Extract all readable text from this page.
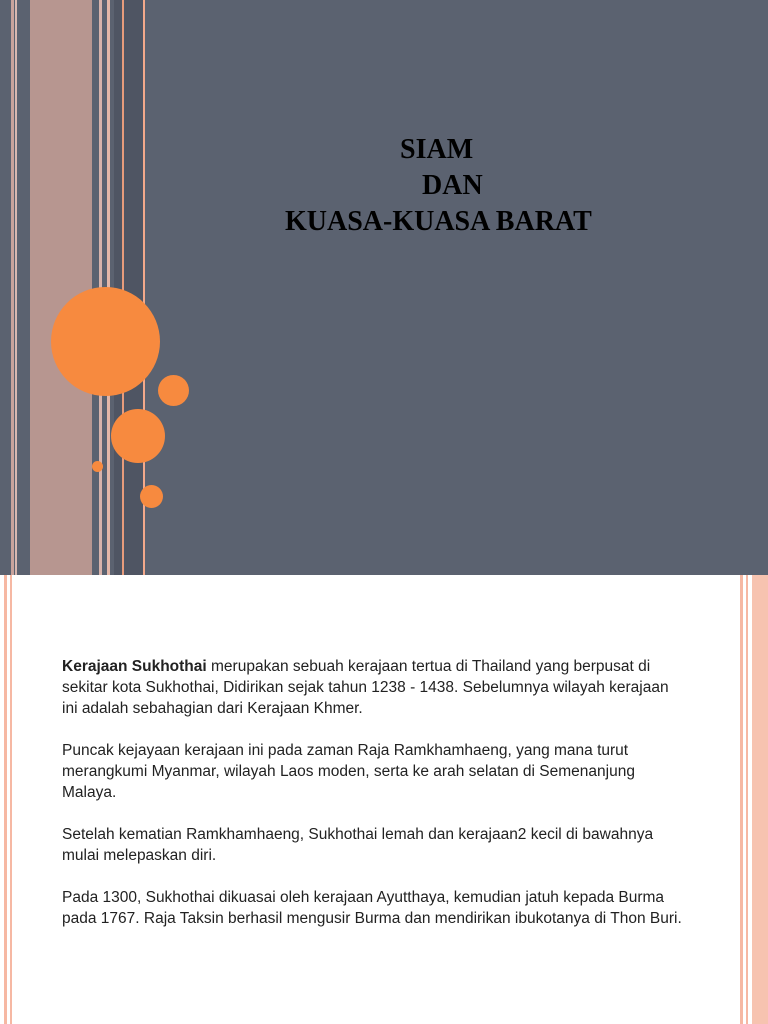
SIAM
DAN
KUASA-KUASA BARAT

Kerajaan Sukhothai merupakan sebuah kerajaan tertua di Thailand yang berpusat di sekitar kota Sukhothai, Didirikan sejak tahun 1238 - 1438. Sebelumnya wilayah kerajaan ini adalah sebahagian dari Kerajaan Khmer.

Puncak kejayaan kerajaan ini pada zaman Raja Ramkhamhaeng, yang mana turut merangkumi Myanmar, wilayah Laos moden, serta ke arah selatan di Semenanjung Malaya.

Setelah kematian Ramkhamhaeng, Sukhothai lemah dan kerajaan2 kecil di bawahnya mulai melepaskan diri.

Pada 1300, Sukhothai dikuasai oleh kerajaan Ayutthaya, kemudian jatuh kepada Burma pada 1767. Raja Taksin berhasil mengusir Burma dan mendirikan ibukotanya di Thon Buri.
